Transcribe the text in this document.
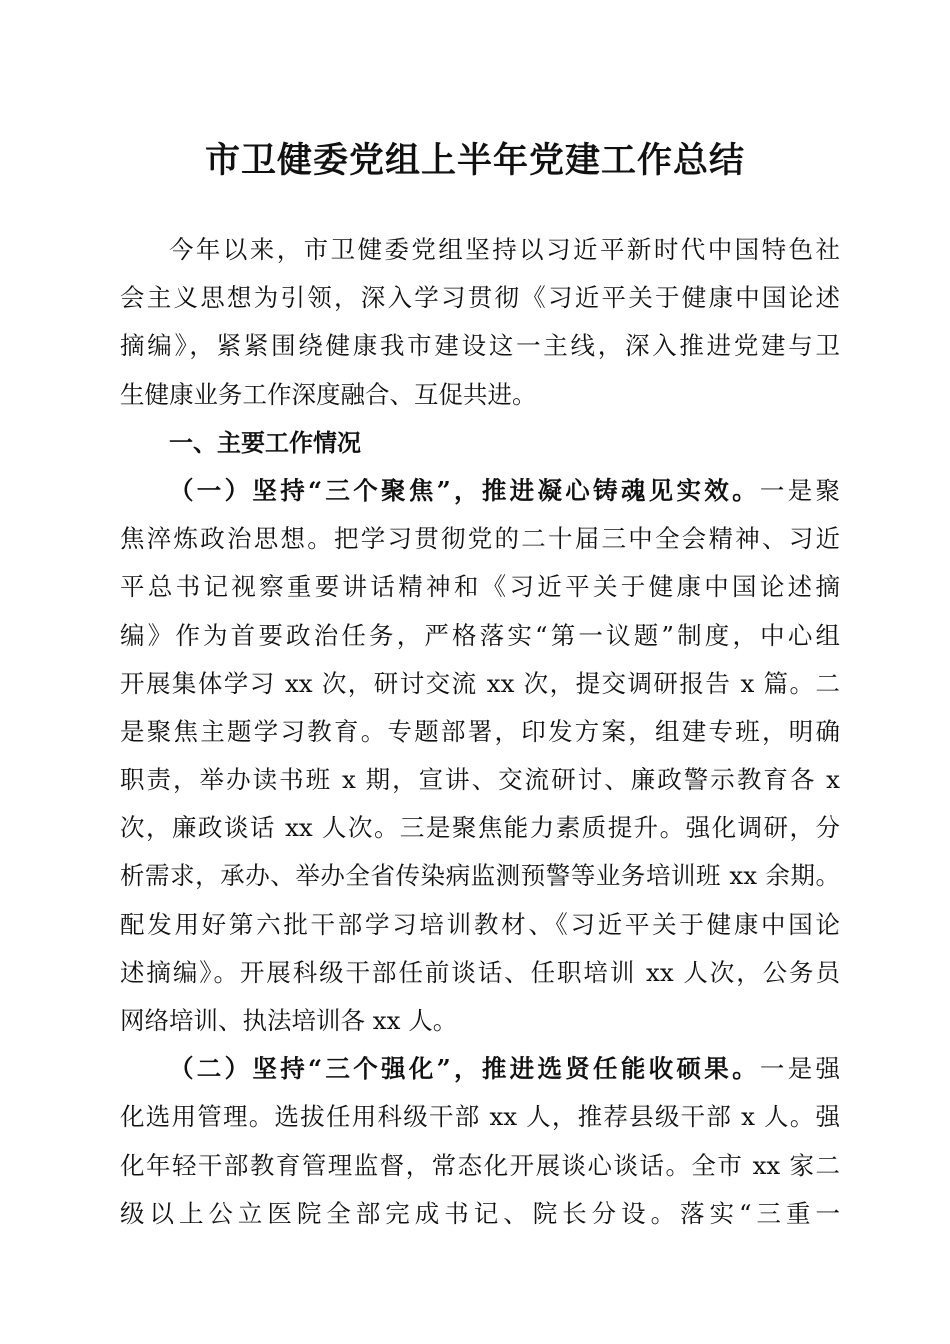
市卫健委党组上半年党建工作总结
今年以来，市卫健委党组坚持以习近平新时代中国特色社
会主义思想为引领，深入学习贯彻《习近平关于健康中国论述
摘编》，紧紧围绕健康我市建设这一主线，深入推进党建与卫
生健康业务工作深度融合、互促共进。
一、主要工作情况
（一）坚持“三个聚焦”，推进凝心铸魂见实效。一是聚
焦淬炼政治思想。把学习贯彻党的二十届三中全会精神、习近
平总书记视察重要讲话精神和《习近平关于健康中国论述摘
编》作为首要政治任务，严格落实“第一议题”制度，中心组
开展集体学习 xx 次，研讨交流 xx 次，提交调研报告 x 篇。二
是聚焦主题学习教育。专题部署，印发方案，组建专班，明确
职责，举办读书班 x 期，宣讲、交流研讨、廉政警示教育各 x
次，廉政谈话 xx 人次。三是聚焦能力素质提升。强化调研，分
析需求，承办、举办全省传染病监测预警等业务培训班 xx 余期。
配发用好第六批干部学习培训教材、《习近平关于健康中国论
述摘编》。开展科级干部任前谈话、任职培训 xx 人次，公务员
网络培训、执法培训各 xx 人。
（二）坚持“三个强化”，推进选贤任能收硕果。一是强
化选用管理。选拔任用科级干部 xx 人，推荐县级干部 x 人。强
化年轻干部教育管理监督，常态化开展谈心谈话。全市 xx 家二
级以上公立医院全部完成书记、院长分设。落实“三重一
